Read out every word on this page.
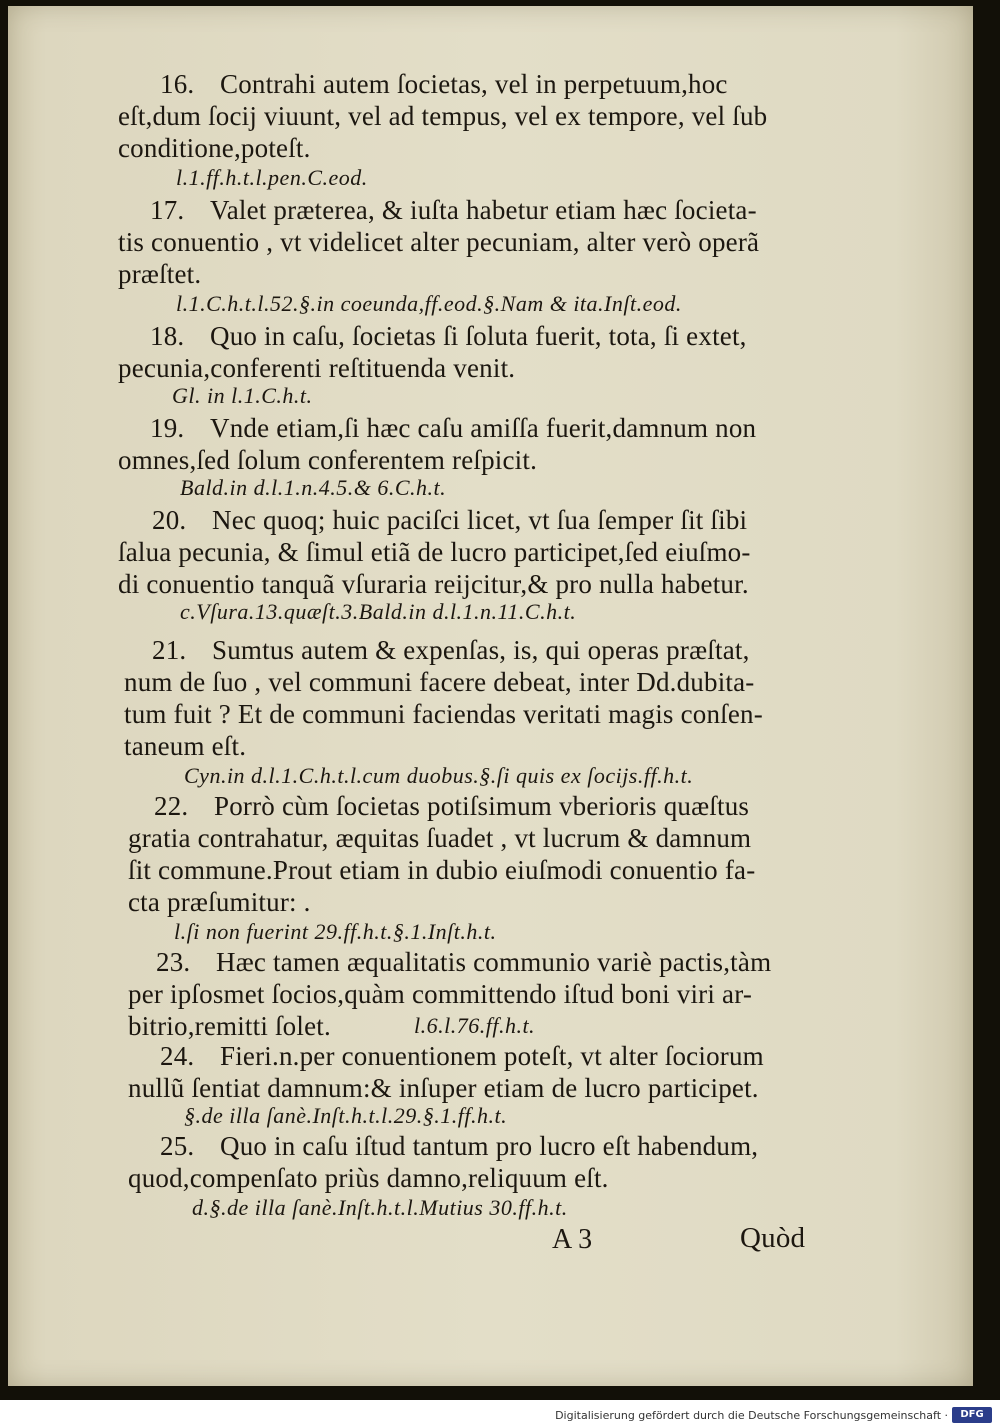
16. Contrahi autem ſocietas, vel in perpetuum,hoc
eſt,dum ſocij viuunt, vel ad tempus, vel ex tempore, vel ſub
conditione,poteſt.
l.1.ff.h.t.l.pen.C.eod.
17. Valet præterea, & iuſta habetur etiam hæc ſocieta-
tis conuentio , vt videlicet alter pecuniam, alter verò operã
præſtet.
l.1.C.h.t.l.52.§.in coeunda,ff.eod.§.Nam & ita.Inſt.eod.
18. Quo in caſu, ſocietas ſi ſoluta fuerit, tota, ſi extet,
pecunia,conferenti reſtituenda venit.
Gl. in l.1.C.h.t.
19. Vnde etiam,ſi hæc caſu amiſſa fuerit,damnum non
omnes,ſed ſolum conferentem reſpicit.
Bald.in d.l.1.n.4.5.& 6.C.h.t.
20. Nec quoq; huic paciſci licet, vt ſua ſemper ſit ſibi
ſalua pecunia, & ſimul etiã de lucro participet,ſed eiuſmo-
di conuentio tanquã vſuraria reijcitur,& pro nulla habetur.
c.Vſura.13.quæſt.3.Bald.in d.l.1.n.11.C.h.t.
21. Sumtus autem & expenſas, is, qui operas præſtat,
num de ſuo , vel communi facere debeat, inter Dd.dubita-
tum fuit ? Et de communi faciendas veritati magis conſen-
taneum eſt.
Cyn.in d.l.1.C.h.t.l.cum duobus.§.ſi quis ex ſocijs.ff.h.t.
22. Porrò cùm ſocietas potiſsimum vberioris quæſtus
gratia contrahatur, æquitas ſuadet , vt lucrum & damnum
ſit commune.Prout etiam in dubio eiuſmodi conuentio fa-
cta præſumitur: .
l.ſi non fuerint 29.ff.h.t.§.1.Inſt.h.t.
23. Hæc tamen æqualitatis communio variè pactis,tàm
per ipſosmet ſocios,quàm committendo iſtud boni viri ar-
bitrio,remitti ſolet.	l.6.l.76.ff.h.t.
24. Fieri.n.per conuentionem poteſt, vt alter ſociorum
nullũ ſentiat damnum:& inſuper etiam de lucro participet.
§.de illa ſanè.Inſt.h.t.l.29.§.1.ff.h.t.
25. Quo in caſu iſtud tantum pro lucro eſt habendum,
quod,compenſato priùs damno,reliquum eſt.
d.§.de illa ſanè.Inſt.h.t.l.Mutius 30.ff.h.t.
A 3	Quòd
Digitalisierung gefördert durch die Deutsche Forschungsgemeinschaft ·	DFG
